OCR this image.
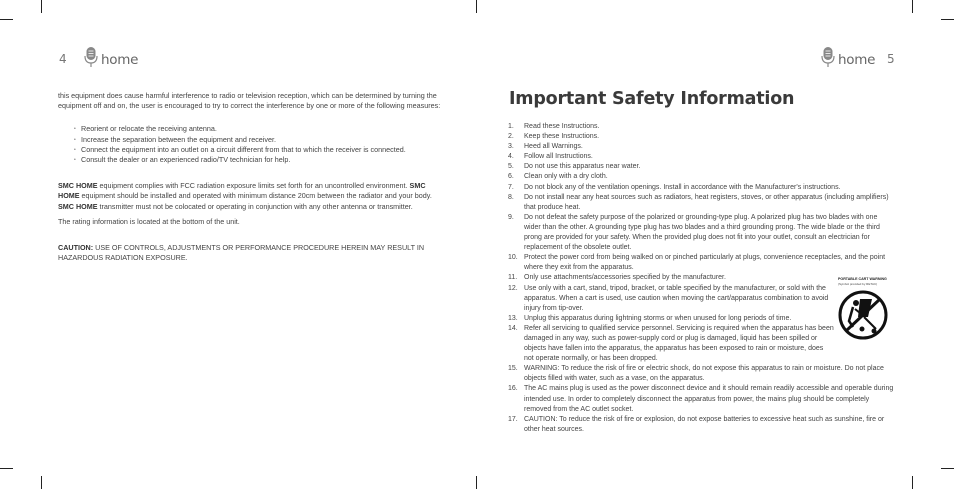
4	home

this equipment does cause harmful interference to radio or television reception, which can be determined by turning the equipment off and on, the user is encouraged to try to correct the interference by one or more of the following measures:

• Reorient or relocate the receiving antenna.
• Increase the separation between the equipment and receiver.
• Connect the equipment into an outlet on a circuit different from that to which the receiver is connected.
• Consult the dealer or an experienced radio/TV technician for help.

SMC HOME equipment complies with FCC radiation exposure limits set forth for an uncontrolled environment. SMC HOME equipment should be installed and operated with minimum distance 20cm between the radiator and your body. SMC HOME transmitter must not be colocated or operating in conjunction with any other antenna or transmitter.

The rating information is located at the bottom of the unit.

CAUTION: USE OF CONTROLS, ADJUSTMENTS OR PERFORMANCE PROCEDURE HEREIN MAY RESULT IN HAZARDOUS RADIATION EXPOSURE.

home 5
Important Safety Information
1.	Read these Instructions.
2.	Keep these Instructions.
3.	Heed all Warnings.
4.	Follow all Instructions.
5.	Do not use this apparatus near water.
6.	Clean only with a dry cloth.
7.	Do not block any of the ventilation openings. Install in accordance with the Manufacturer's instructions.
8.	Do not install near any heat sources such as radiators, heat registers, stoves, or other apparatus (including amplifiers) that produce heat.
9.	Do not defeat the safety purpose of the polarized or grounding-type plug. A polarized plug has two blades with one wider than the other. A grounding type plug has two blades and a third grounding prong. The wide blade or the third prong are provided for your safety. When the provided plug does not fit into your outlet, consult an electrician for replacement of the obsolete outlet.
10. Protect the power cord from being walked on or pinched particularly at plugs, convenience receptacles, and the point where they exit from the apparatus.
11. Only use attachments/accessories specified by the manufacturer.
12. Use only with a cart, stand, tripod, bracket, or table specified by the manufacturer, or sold with the apparatus. When a cart is used, use caution when moving the cart/apparatus combination to avoid injury from tip-over.
13. Unplug this apparatus during lightning storms or when unused for long periods of time.
14. Refer all servicing to qualified service personnel. Servicing is required when the apparatus has been damaged in any way, such as power-supply cord or plug is damaged, liquid has been spilled or objects have fallen into the apparatus, the apparatus has been exposed to rain or moisture, does not operate normally, or has been dropped.
15. WARNING: To reduce the risk of fire or electric shock, do not expose this apparatus to rain or moisture. Do not place objects filled with water, such as a vase, on the apparatus.
16. The AC mains plug is used as the power disconnect device and it should remain readily accessible and operable during intended use. In order to completely disconnect the apparatus from power, the mains plug should be completely removed from the AC outlet socket.
17. CAUTION: To reduce the risk of fire or explosion, do not expose batteries to excessive heat such as sunshine, fire or other heat sources.
PORTABLE CART WARNING
(Symbol provided by RETAC)
